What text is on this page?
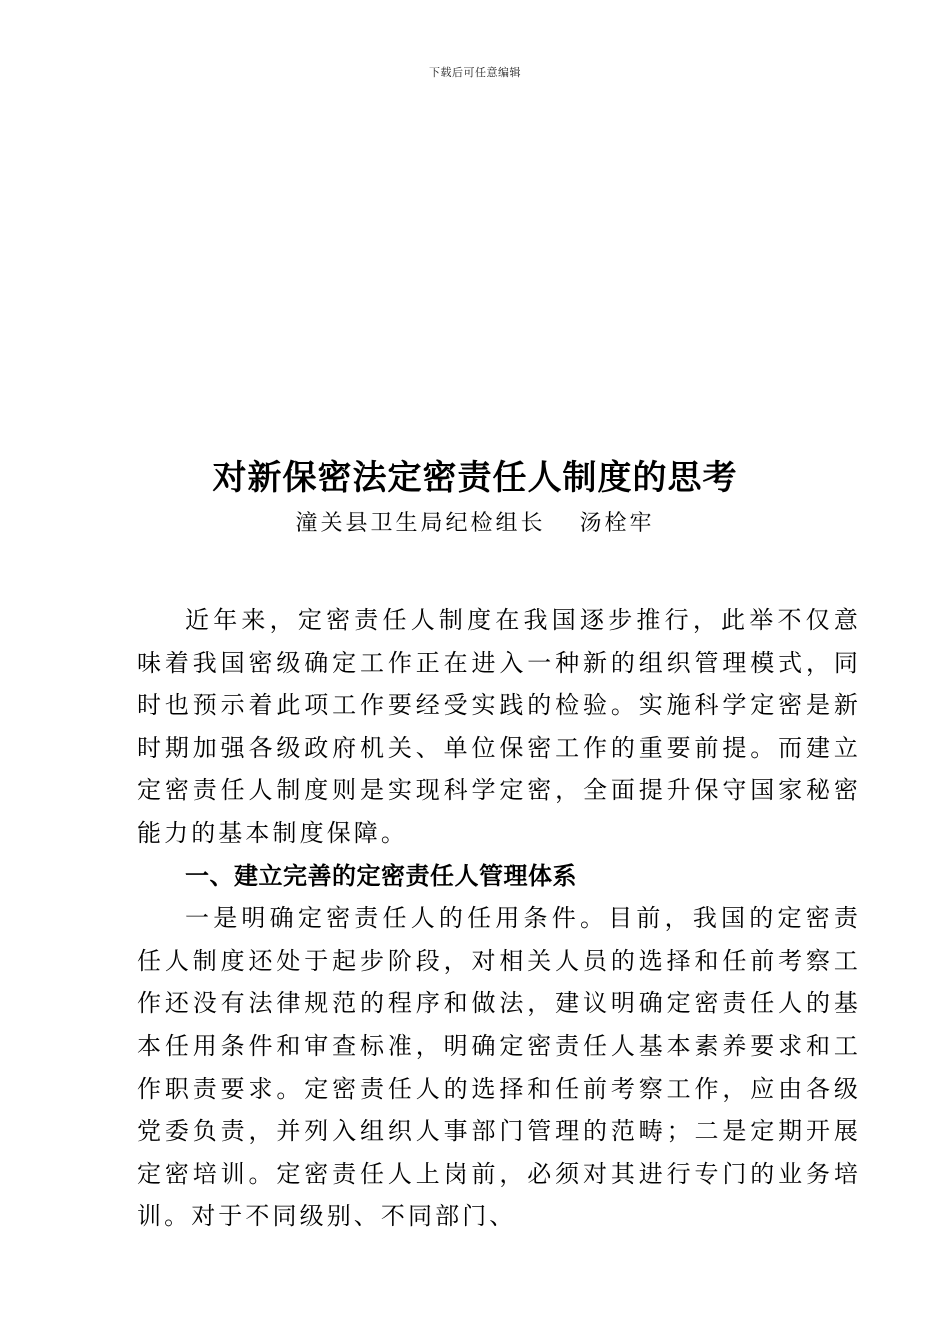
下载后可任意编辑
对新保密法定密责任人制度的思考
潼关县卫生局纪检组长 汤栓牢

近年来，定密责任人制度在我国逐步推行，此举不仅意味着我国密级确定工作正在进入一种新的组织管理模式，同时也预示着此项工作要经受实践的检验。实施科学定密是新时期加强各级政府机关、单位保密工作的重要前提。而建立定密责任人制度则是实现科学定密，全面提升保守国家秘密能力的基本制度保障。

一、建立完善的定密责任人管理体系

一是明确定密责任人的任用条件。目前，我国的定密责任人制度还处于起步阶段，对相关人员的选择和任前考察工作还没有法律规范的程序和做法，建议明确定密责任人的基本任用条件和审查标准，明确定密责任人基本素养要求和工作职责要求。定密责任人的选择和任前考察工作，应由各级党委负责，并列入组织人事部门管理的范畴；二是定期开展定密培训。定密责任人上岗前，必须对其进行专门的业务培训。对于不同级别、不同部门、
